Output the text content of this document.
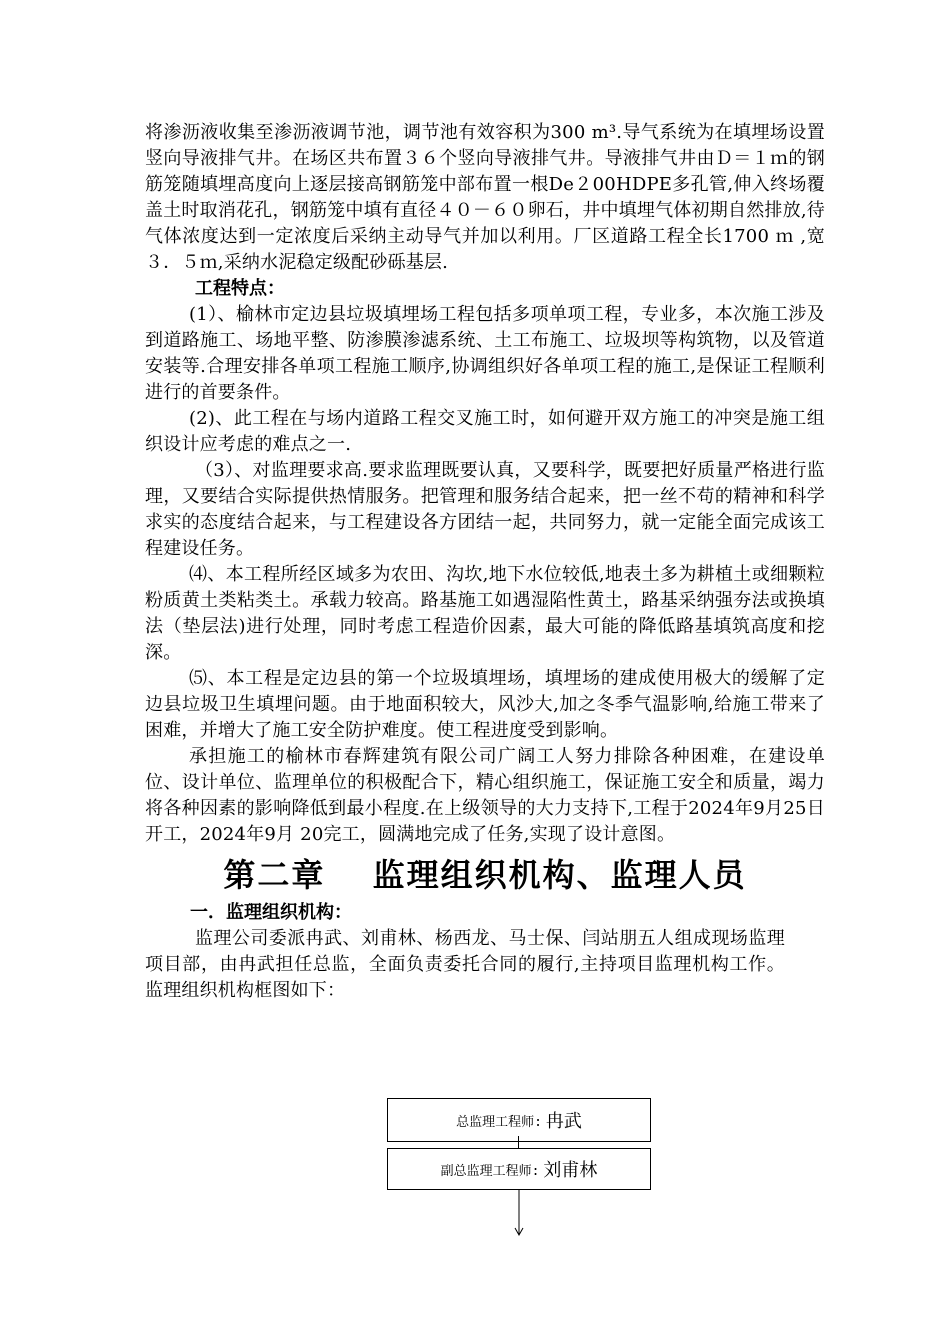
将渗沥液收集至渗沥液调节池，调节池有效容积为300 m³.导气系统为在填埋场设置竖向导液排气井。在场区共布置３６个竖向导液排气井。导液排气井由Ｄ＝１ｍ的钢筋笼随填埋高度向上逐层接高钢筋笼中部布置一根De２00HDPE多孔管,伸入终场覆盖土时取消花孔，钢筋笼中填有直径４０－６０卵石，井中填埋气体初期自然排放,待气体浓度达到一定浓度后采纳主动导气并加以利用。厂区道路工程全长1700 ｍ ,宽３．５ｍ,采纳水泥稳定级配砂砾基层.

工程特点：

(1）、榆林市定边县垃圾填埋场工程包括多项单项工程，专业多，本次施工涉及到道路施工、场地平整、防渗膜渗滤系统、土工布施工、垃圾坝等构筑物，以及管道安装等.合理安排各单项工程施工顺序,协调组织好各单项工程的施工,是保证工程顺利进行的首要条件。

(2)、此工程在与场内道路工程交叉施工时，如何避开双方施工的冲突是施工组织设计应考虑的难点之一.

（3）、对监理要求高.要求监理既要认真，又要科学，既要把好质量严格进行监理，又要结合实际提供热情服务。把管理和服务结合起来，把一丝不苟的精神和科学求实的态度结合起来，与工程建设各方团结一起，共同努力，就一定能全面完成该工程建设任务。

⑷、本工程所经区域多为农田、沟坎,地下水位较低,地表土多为耕植土或细颗粒粉质黄土类粘类土。承载力较高。路基施工如遇湿陷性黄土，路基采纳强夯法或换填法（垫层法)进行处理，同时考虑工程造价因素，最大可能的降低路基填筑高度和挖深。

⑸、本工程是定边县的第一个垃圾填埋场，填埋场的建成使用极大的缓解了定边县垃圾卫生填埋问题。由于地面积较大，风沙大,加之冬季气温影响,给施工带来了困难，并增大了施工安全防护难度。使工程进度受到影响。

承担施工的榆林市春辉建筑有限公司广阔工人努力排除各种困难，在建设单位、设计单位、监理单位的积极配合下，精心组织施工，保证施工安全和质量，竭力将各种因素的影响降低到最小程度.在上级领导的大力支持下,工程于2024年9月25日开工，2024年9月 20完工，圆满地完成了任务,实现了设计意图。

第二章　 监理组织机构、监理人员
一．监理组织机构：

监理公司委派冉武、刘甫林、杨西龙、马士保、闫站朋五人组成现场监理项目部，由冉武担任总监，全面负责委托合同的履行,主持项目监理机构工作。监理组织机构框图如下：

总监理工程师: 冉武
副总监理工程师: 刘甫林
